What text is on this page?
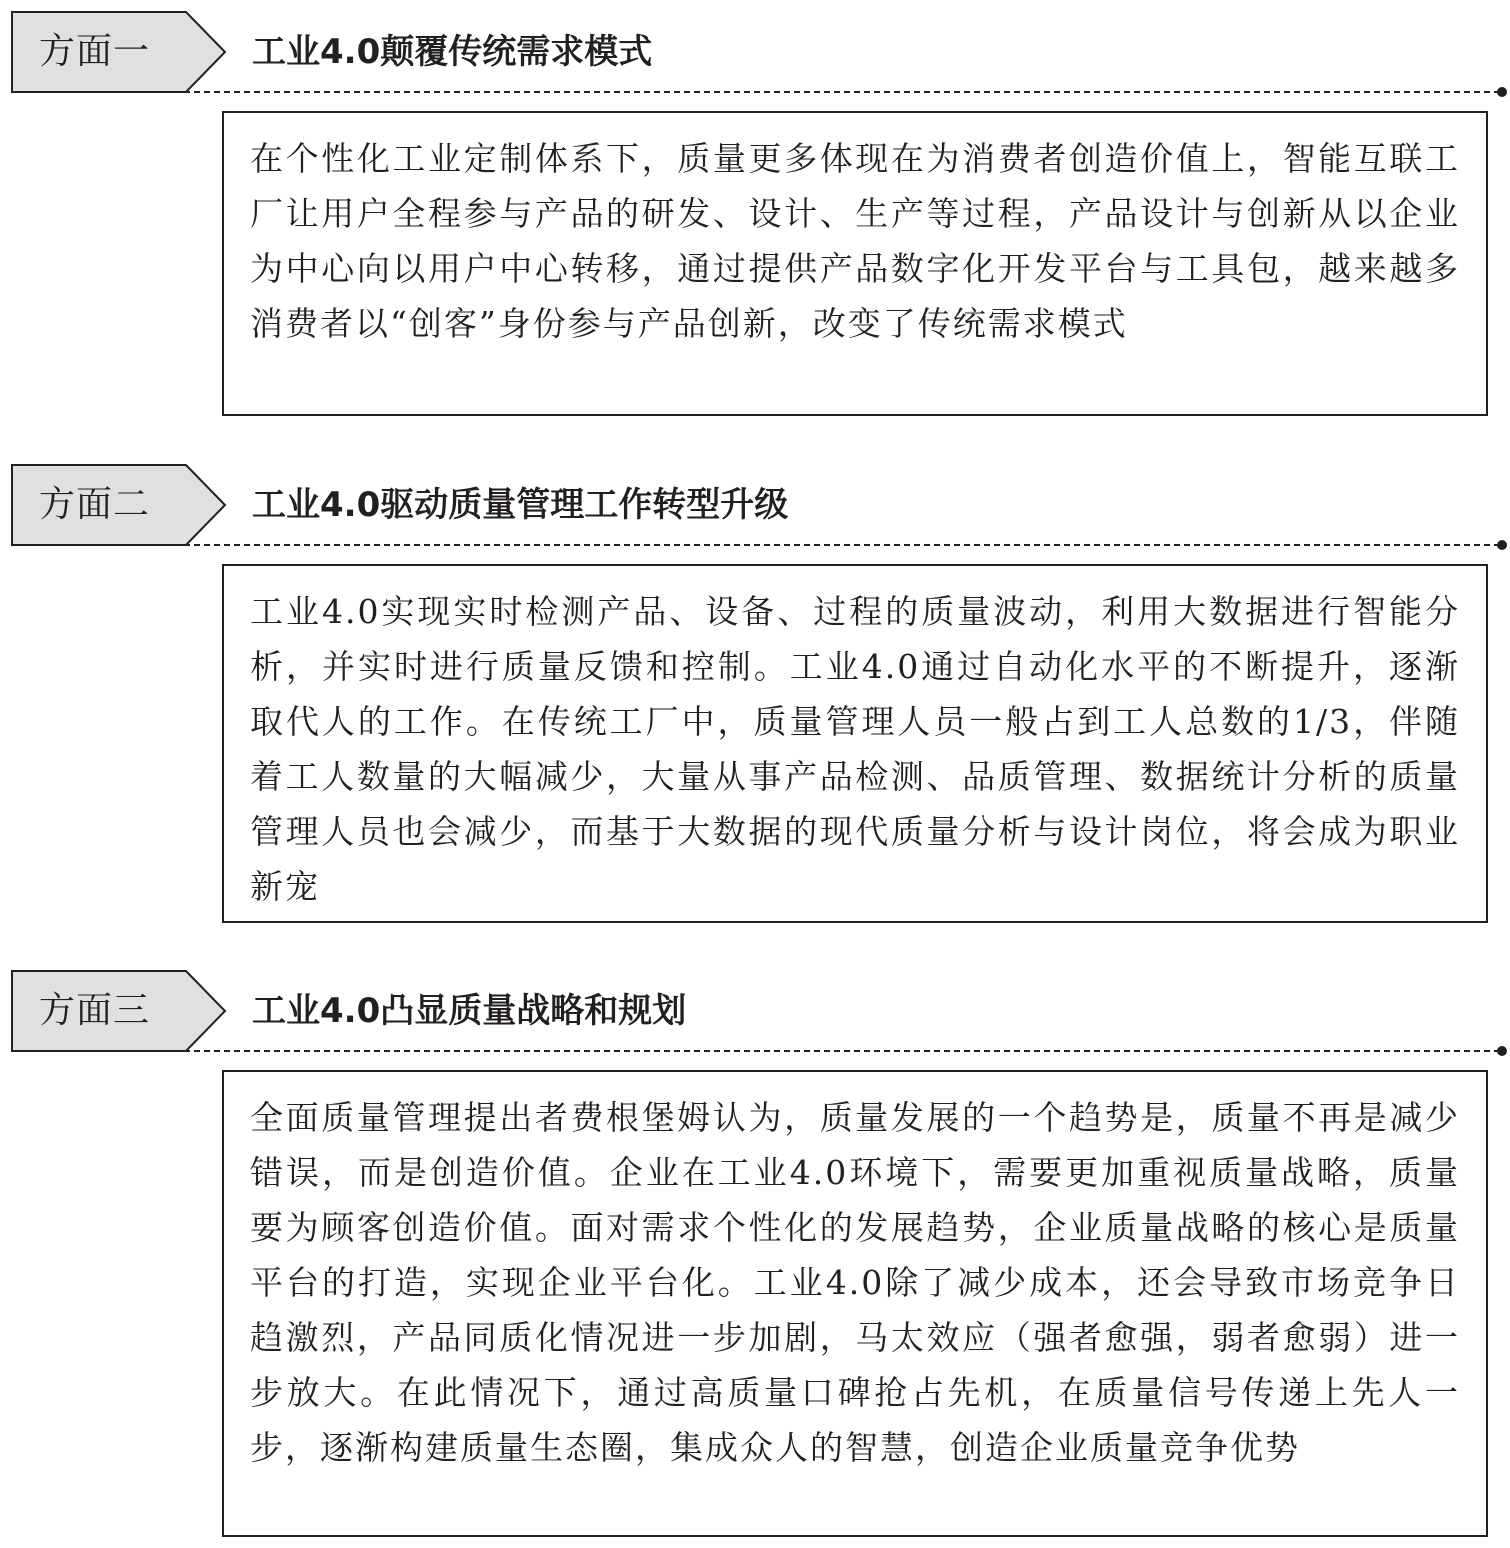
方面一	工业4.0颠覆传统需求模式

在个性化工业定制体系下，质量更多体现在为消费者创造价值上，智能互联工厂让用户全程参与产品的研发、设计、生产等过程，产品设计与创新从以企业为中心向以用户中心转移，通过提供产品数字化开发平台与工具包，越来越多消费者以“创客”身份参与产品创新，改变了传统需求模式

方面二	工业4.0驱动质量管理工作转型升级

工业4.0实现实时检测产品、设备、过程的质量波动，利用大数据进行智能分析，并实时进行质量反馈和控制。工业4.0通过自动化水平的不断提升，逐渐取代人的工作。在传统工厂中，质量管理人员一般占到工人总数的1/3，伴随着工人数量的大幅减少，大量从事产品检测、品质管理、数据统计分析的质量管理人员也会减少，而基于大数据的现代质量分析与设计岗位，将会成为职业新宠

方面三	工业4.0凸显质量战略和规划

全面质量管理提出者费根堡姆认为，质量发展的一个趋势是，质量不再是减少错误，而是创造价值。企业在工业4.0环境下，需要更加重视质量战略，质量要为顾客创造价值。面对需求个性化的发展趋势，企业质量战略的核心是质量平台的打造，实现企业平台化。工业4.0除了减少成本，还会导致市场竞争日趋激烈，产品同质化情况进一步加剧，马太效应（强者愈强，弱者愈弱）进一步放大。在此情况下，通过高质量口碑抢占先机，在质量信号传递上先人一步，逐渐构建质量生态圈，集成众人的智慧，创造企业质量竞争优势
